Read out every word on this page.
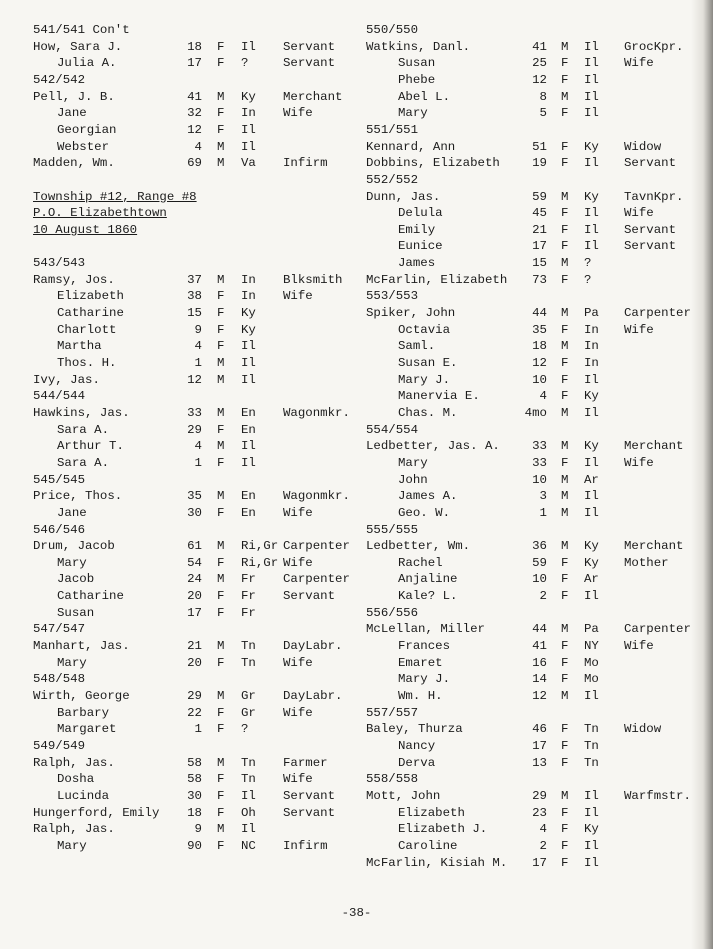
541/541 Con't
How, Sara J.	18 F Il Servant
Julia A.	17 F ?	Servant
542/542
Pell, J. B.	41 M Ky Merchant
Jane	32 F In Wife
Georgian	12 F Il
Webster	4 M Il
Madden, Wm.	69 M Va Infirm
Township #12, Range #8
P.O. Elizabethtown
10 August 1860
543/543
Ramsy, Jos.	37 M In Blksmith
Elizabeth	38 F In Wife
Catharine	15 F Ky
Charlott	9 F Ky
Martha	4 F Il
Thos. H.	1 M Il
Ivy, Jas.	12 M Il
544/544
Hawkins, Jas.	33 M En Wagonmkr.
Sara A.	29 F En
Arthur T.	4 M Il
Sara A.	1 F Il
545/545
Price, Thos.	35 M En Wagonmkr.
Jane	30 F En Wife
546/546
Drum, Jacob	61 M Ri,Gr Carpenter
Mary	54 F Ri,Gr Wife
Jacob	24 M Fr Carpenter
Catharine	20 F Fr Servant
Susan	17 F Fr
547/547
Manhart, Jas.	21 M Tn DayLabr.
Mary	20 F Tn Wife
548/548
Wirth, George	29 M Gr DayLabr.
Barbary	22 F Gr Wife
Margaret	1 F ?
549/549
Ralph, Jas.	58 M Tn Farmer
Dosha	58 F Tn Wife
Lucinda	30 F Il Servant
Hungerford, Emily 18 F Oh Servant
Ralph, Jas.	9 M Il
Mary	90 F NC Infirm
550/550
Watkins, Danl.	41 M Il GrocKpr.
Susan	25 F Il Wife
Phebe	12 F Il
Abel L.	8 M Il
Mary	5 F Il
551/551
Kennard, Ann	51 F Ky Widow
Dobbins, Elizabeth	19 F Il Servant
552/552
Dunn, Jas.	59 M Ky TavnKpr.
Delula	45 F Il Wife
Emily	21 F Il Servant
Eunice	17 F Il Servant
James	15 M ?
McFarlin, Elizabeth 73 F ?
553/553
Spiker, John	44 M Pa Carpenter
Octavia	35 F In Wife
Saml.	18 M In
Susan E.	12 F In
Mary J.	10 F Il
Manervia E.	4 F Ky
Chas. M.	4mo M Il
554/554
Ledbetter, Jas. A.	33 M Ky Merchant
Mary	33 F Il Wife
John	10 M Ar
James A.	3 M Il
Geo. W.	1 M Il
555/555
Ledbetter, Wm.	36 M Ky Merchant
Rachel	59 F Ky Mother
Anjaline	10 F Ar
Kale? L.	2 F Il
556/556
McLellan, Miller	44 M Pa Carpenter
Frances	41 F NY Wife
Emaret	16 F Mo
Mary J.	14 F Mo
Wm. H.	12 M Il
557/557
Baley, Thurza	46 F Tn Widow
Nancy	17 F Tn
Derva	13 F Tn
558/558
Mott, John	29 M Il Warfmstr.
Elizabeth	23 F Il
Elizabeth J.	4 F Ky
Caroline	2 F Il
McFarlin, Kisiah M. 17 F Il
-38-
